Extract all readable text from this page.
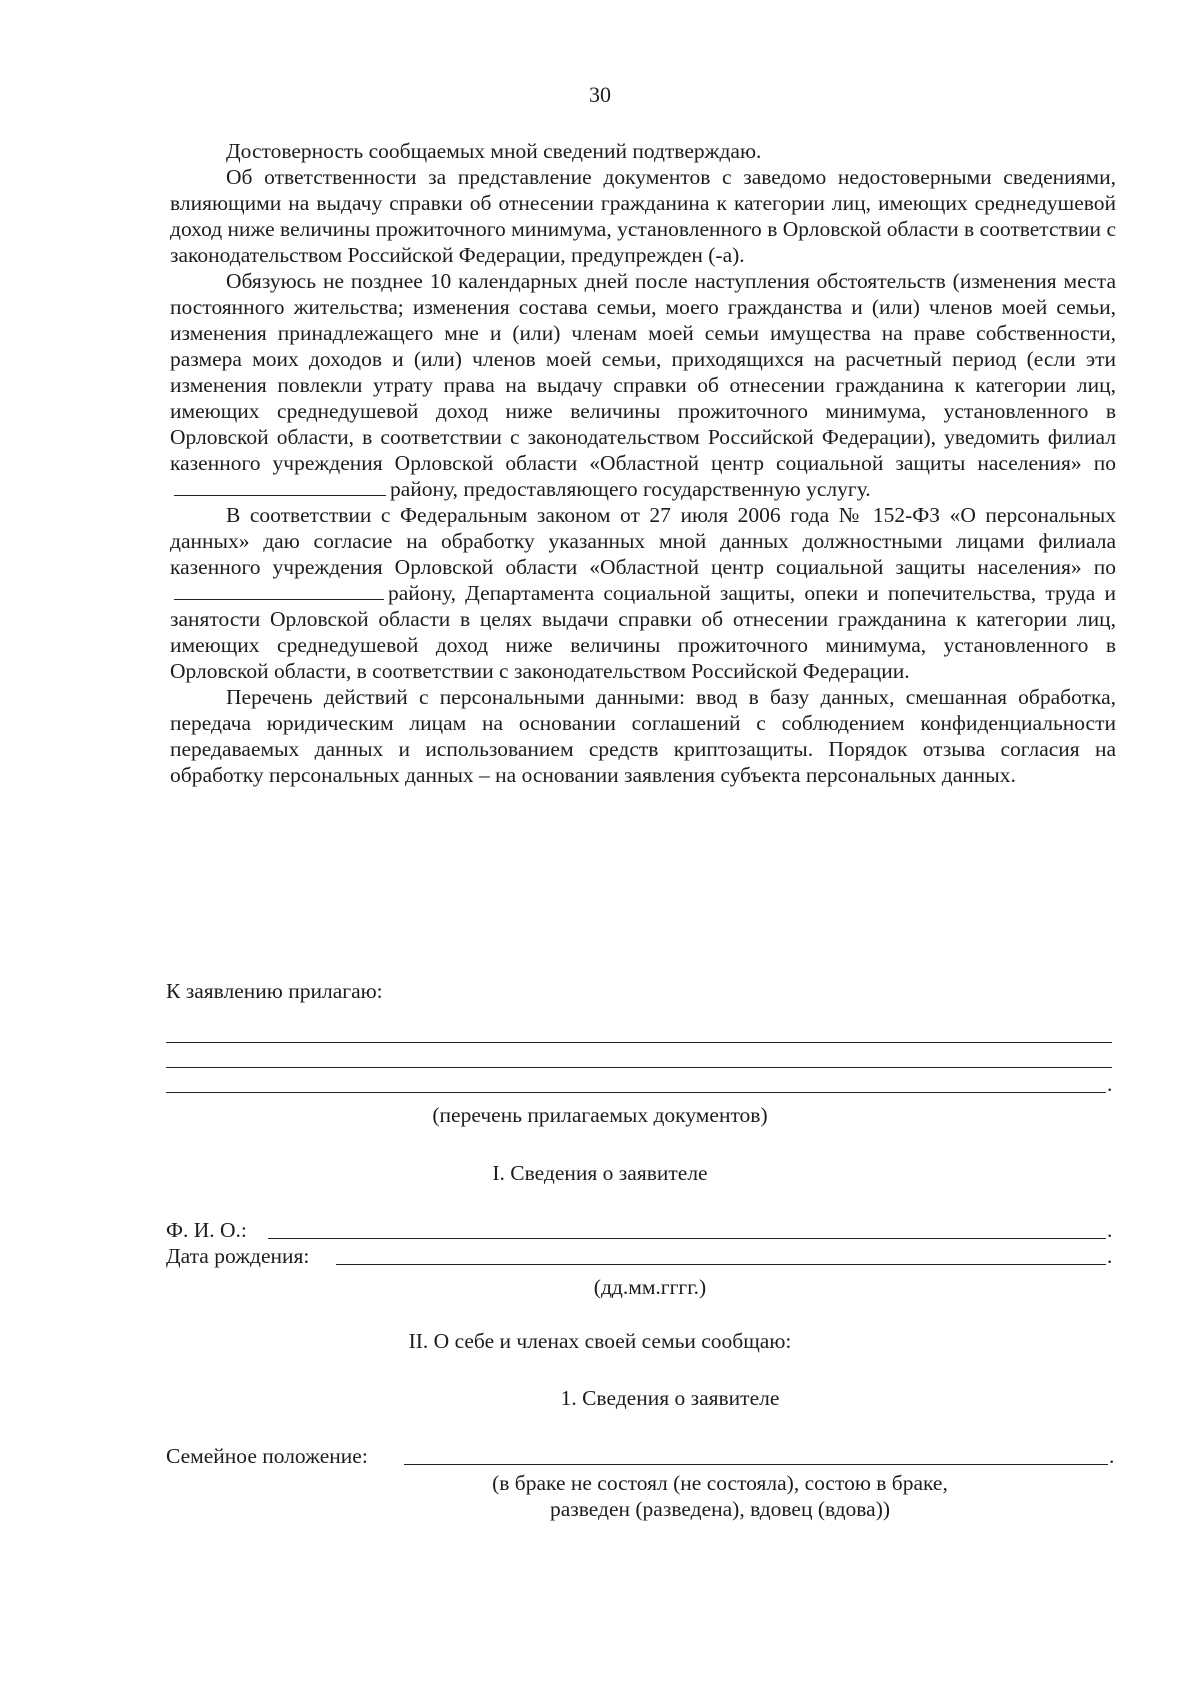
30

Достоверность сообщаемых мной сведений подтверждаю.

Об ответственности за представление документов с заведомо недостоверными сведениями, влияющими на выдачу справки об отнесении гражданина к категории лиц, имеющих среднедушевой доход ниже величины прожиточного минимума, установленного в Орловской области в соответствии с законодательством Российской Федерации, предупрежден (-а).

Обязуюсь не позднее 10 календарных дней после наступления обстоятельств (изменения места постоянного жительства; изменения состава семьи, моего гражданства и (или) членов моей семьи, изменения принадлежащего мне и (или) членам моей семьи имущества на праве собственности, размера моих доходов и (или) членов моей семьи, приходящихся на расчетный период (если эти изменения повлекли утрату права на выдачу справки об отнесении гражданина к категории лиц, имеющих среднедушевой доход ниже величины прожиточного минимума, установленного в Орловской области, в соответствии с законодательством Российской Федерации), уведомить филиал казенного учреждения Орловской области «Областной центр социальной защиты населения» порайону, предоставляющего государственную услугу.

В соответствии с Федеральным законом от 27 июля 2006 года № 152-ФЗ «О персональных данных» даю согласие на обработку указанных мной данных должностными лицами филиала казенного учреждения Орловской области «Областной центр социальной защиты населения» порайону, Департамента социальной защиты, опеки и попечительства, труда и занятости Орловской области в целях выдачи справки об отнесении гражданина к категории лиц, имеющих среднедушевой доход ниже величины прожиточного минимума, установленного в Орловской области, в соответствии с законодательством Российской Федерации.

Перечень действий с персональными данными: ввод в базу данных, смешанная обработка, передача юридическим лицам на основании соглашений с соблюдением конфиденциальности передаваемых данных и использованием средств криптозащиты. Порядок отзыва согласия на обработку персональных данных – на основании заявления субъекта персональных данных.

К заявлению прилагаю:
.
(перечень прилагаемых документов)
I. Сведения о заявителе
Ф. И. О.:	.
Дата рождения:	.
(дд.мм.гггг.)
II. О себе и членах своей семьи сообщаю:
1. Сведения о заявителе
Семейное положение:	.
(в браке не состоял (не состояла), состою в браке,
разведен (разведена), вдовец (вдова))
